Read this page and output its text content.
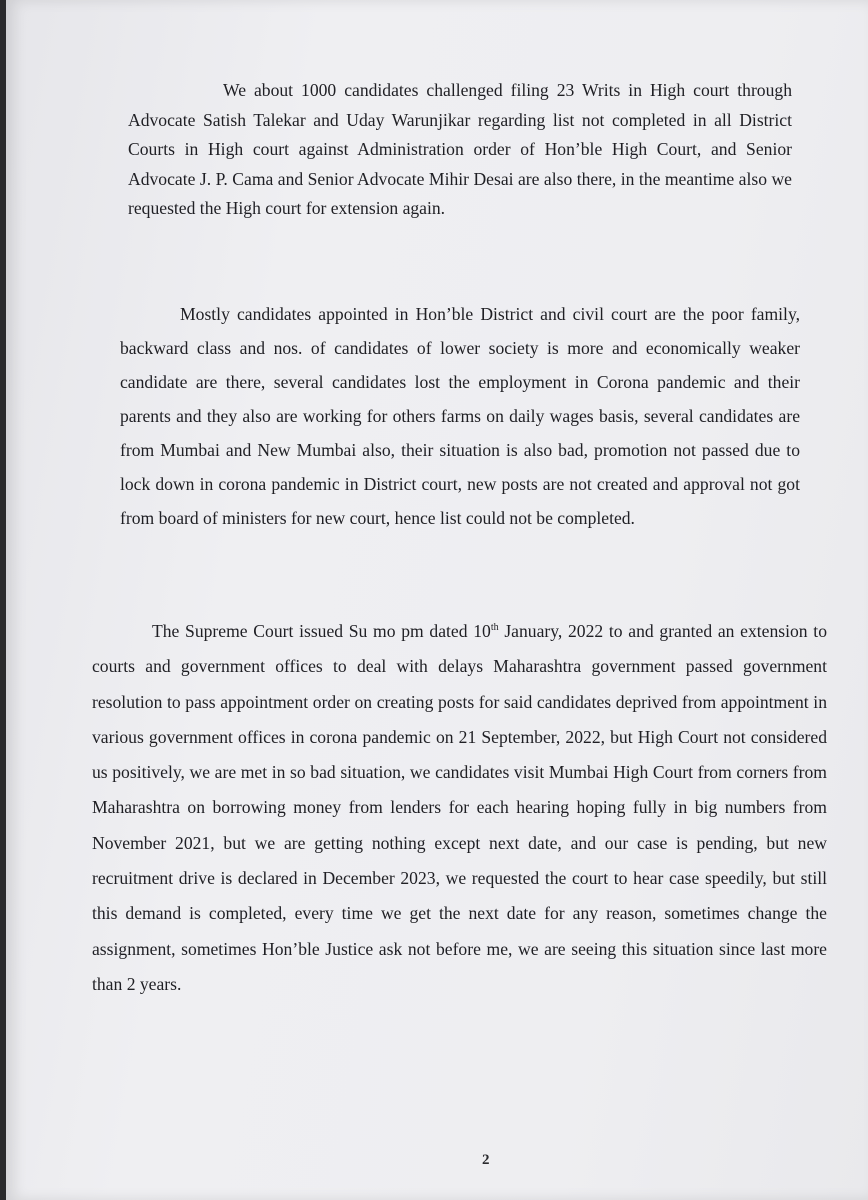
We about 1000 candidates challenged filing 23 Writs in High court through Advocate Satish Talekar and Uday Warunjikar regarding list not completed in all District Courts in High court against Administration order of Hon’ble High Court, and Senior Advocate J. P. Cama and Senior Advocate Mihir Desai are also there, in the meantime also we requested the High court for extension again.

Mostly candidates appointed in Hon’ble District and civil court are the poor family, backward class and nos. of candidates of lower society is more and economically weaker candidate are there, several candidates lost the employment in Corona pandemic and their parents and they also are working for others farms on daily wages basis, several candidates are from Mumbai and New Mumbai also, their situation is also bad, promotion not passed due to lock down in corona pandemic in District court, new posts are not created and approval not got from board of ministers for new court, hence list could not be completed.

The Supreme Court issued Su mo pm dated 10th January, 2022 to and granted an extension to courts and government offices to deal with delays Maharashtra government passed government resolution to pass appointment order on creating posts for said candidates deprived from appointment in various government offices in corona pandemic on 21 September, 2022, but High Court not considered us positively, we are met in so bad situation, we candidates visit Mumbai High Court from corners from Maharashtra on borrowing money from lenders for each hearing hoping fully in big numbers from November 2021, but we are getting nothing except next date, and our case is pending, but new recruitment drive is declared in December 2023, we requested the court to hear case speedily, but still this demand is completed, every time we get the next date for any reason, sometimes change the assignment, sometimes Hon’ble Justice ask not before me, we are seeing this situation since last more than 2 years.

2
